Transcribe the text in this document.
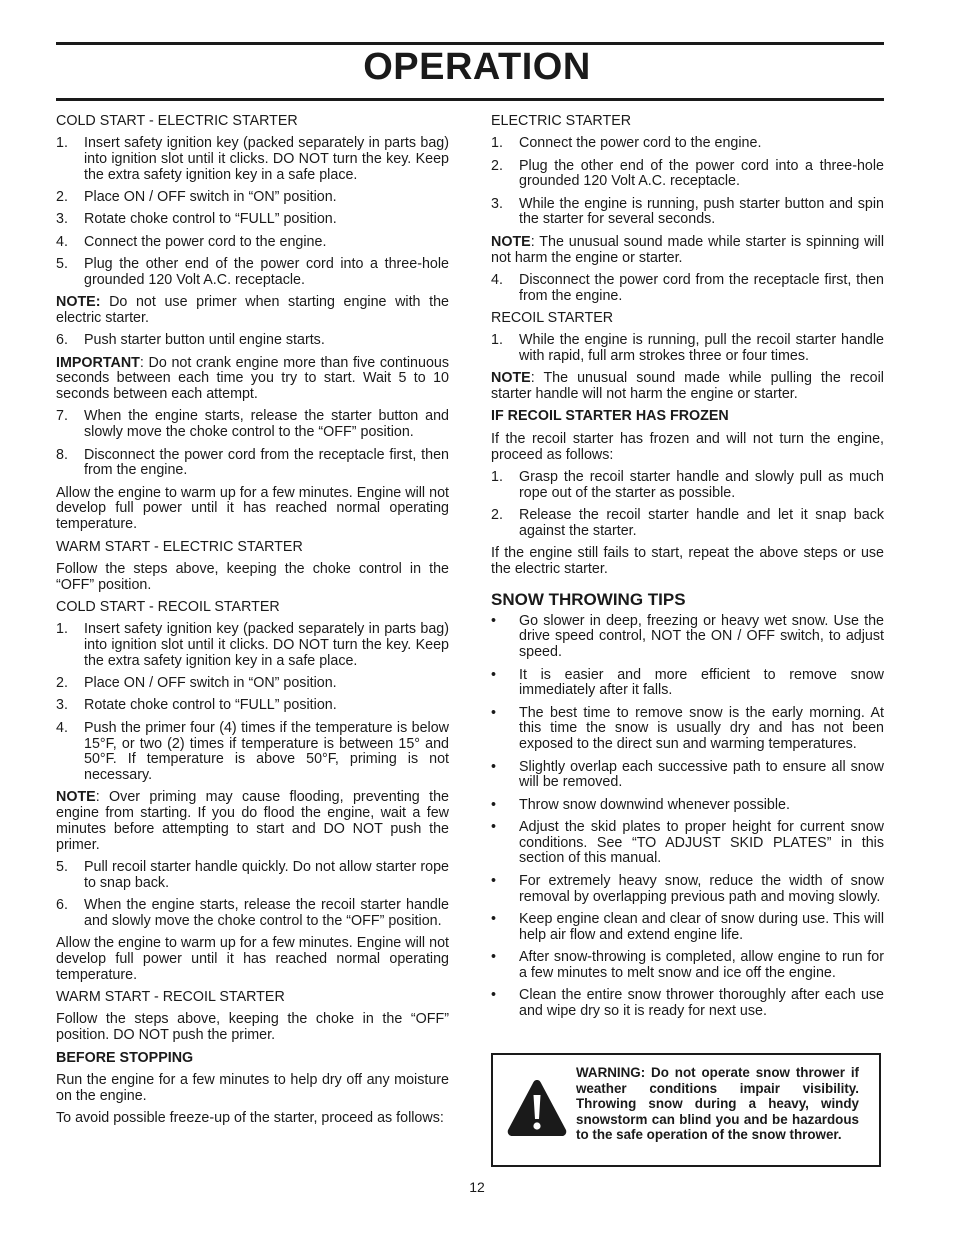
OPERATION

COLD START - ELECTRIC STARTER

1. Insert safety ignition key (packed separately in parts bag) into ignition slot until it clicks. DO NOT turn the key. Keep the extra safety ignition key in a safe place.
2. Place ON / OFF switch in “ON” position.
3. Rotate choke control to “FULL” position.
4. Connect the power cord to the engine.
5. Plug the other end of the power cord into a three-hole grounded 120 Volt A.C. receptacle.

NOTE: Do not use primer when starting engine with the electric starter.

6. Push starter button until engine starts.

IMPORTANT: Do not crank engine more than five continuous seconds between each time you try to start. Wait 5 to 10 seconds between each attempt.

7. When the engine starts, release the starter button and slowly move the choke control to the “OFF” position.
8. Disconnect the power cord from the receptacle first, then from the engine.

Allow the engine to warm up for a few minutes. Engine will not develop full power until it has reached normal operating temperature.

WARM START - ELECTRIC STARTER

Follow the steps above, keeping the choke control in the “OFF” position.

COLD START - RECOIL STARTER

1. Insert safety ignition key (packed separately in parts bag) into ignition slot until it clicks. DO NOT turn the key. Keep the extra safety ignition key in a safe place.
2. Place ON / OFF switch in “ON” position.
3. Rotate choke control to “FULL” position.
4. Push the primer four (4) times if the temperature is below 15°F, or two (2) times if temperature is between 15° and 50°F. If temperature is above 50°F, priming is not necessary.

NOTE: Over priming may cause flooding, preventing the engine from starting. If you do flood the engine, wait a few minutes before attempting to start and DO NOT push the primer.

5. Pull recoil starter handle quickly. Do not allow starter rope to snap back.
6. When the engine starts, release the recoil starter handle and slowly move the choke control to the “OFF” position.

Allow the engine to warm up for a few minutes. Engine will not develop full power until it has reached normal operating temperature.

WARM START - RECOIL STARTER

Follow the steps above, keeping the choke in the “OFF” position. DO NOT push the primer.

BEFORE STOPPING

Run the engine for a few minutes to help dry off any moisture on the engine.

To avoid possible freeze-up of the starter, proceed as follows:

ELECTRIC STARTER

1. Connect the power cord to the engine.
2. Plug the other end of the power cord into a three-hole grounded 120 Volt A.C. receptacle.
3. While the engine is running, push starter button and spin the starter for several seconds.

NOTE: The unusual sound made while starter is spinning will not harm the engine or starter.

4. Disconnect the power cord from the receptacle first, then from the engine.

RECOIL STARTER

1. While the engine is running, pull the recoil starter handle with rapid, full arm strokes three or four times.

NOTE: The unusual sound made while pulling the recoil starter handle will not harm the engine or starter.

IF RECOIL STARTER HAS FROZEN

If the recoil starter has frozen and will not turn the engine, proceed as follows:

1. Grasp the recoil starter handle and slowly pull as much rope out of the starter as possible.
2. Release the recoil starter handle and let it snap back against the starter.

If the engine still fails to start, repeat the above steps or use the electric starter.

SNOW THROWING TIPS

• Go slower in deep, freezing or heavy wet snow. Use the drive speed control, NOT the ON / OFF switch, to adjust speed.
• It is easier and more efficient to remove snow immediately after it falls.
• The best time to remove snow is the early morning. At this time the snow is usually dry and has not been exposed to the direct sun and warming temperatures.
• Slightly overlap each successive path to ensure all snow will be removed.
• Throw snow downwind whenever possible.
• Adjust the skid plates to proper height for current snow conditions. See “TO ADJUST SKID PLATES” in this section of this manual.
• For extremely heavy snow, reduce the width of snow removal by overlapping previous path and moving slowly.
• Keep engine clean and clear of snow during use. This will help air flow and extend engine life.
• After snow-throwing is completed, allow engine to run for a few minutes to melt snow and ice off the engine.
• Clean the entire snow thrower thoroughly after each use and wipe dry so it is ready for next use.
WARNING: Do not operate snow thrower if weather conditions impair visibility. Throwing snow during a heavy, windy snowstorm can blind you and be hazardous to the safe operation of the snow thrower.
12
